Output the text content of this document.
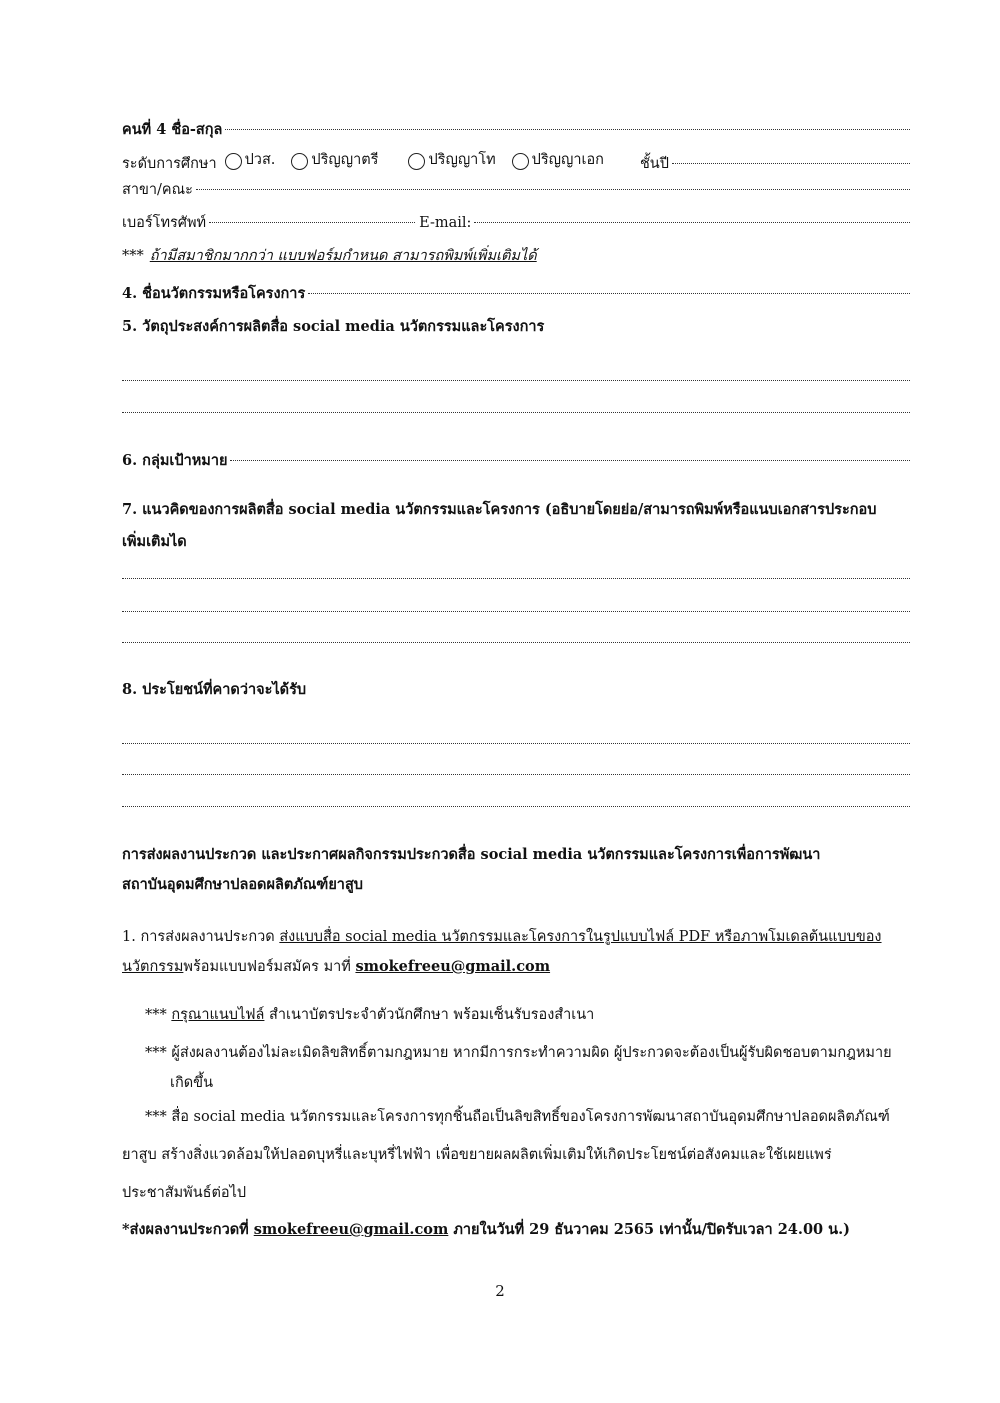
คนที่ 4 ชื่อ-สกุล
ระดับการศึกษา ปวส. ปริญญาตรี	ปริญญาโท ปริญญาเอก ชั้นปี
สาขา/คณะ
เบอร์โทรศัพท์	E-mail:
*** ถ้ามีสมาชิกมากกว่า แบบฟอร์มกำหนด สามารถพิมพ์เพิ่มเติมได้
4. ชื่อนวัตกรรมหรือโครงการ
5. วัตถุประสงค์การผลิตสื่อ social media นวัตกรรมและโครงการ
6. กลุ่มเป้าหมาย
7. แนวคิดของการผลิตสื่อ social media นวัตกรรมและโครงการ (อธิบายโดยย่อ/สามารถพิมพ์หรือแนบเอกสารประกอบ
เพิ่มเติมได
8. ประโยชน์ที่คาดว่าจะได้รับ
การส่งผลงานประกวด และประกาศผลกิจกรรมประกวดสื่อ social media นวัตกรรมและโครงการเพื่อการพัฒนา
สถาบันอุดมศึกษาปลอดผลิตภัณฑ์ยาสูบ
1. การส่งผลงานประกวด ส่งแบบสื่อ social media นวัตกรรมและโครงการในรูปแบบไฟล์ PDF หรือภาพโมเดลต้นแบบของ
นวัตกรรมพร้อมแบบฟอร์มสมัคร มาที่ smokefreeu@gmail.com
*** กรุณาแนบไฟล์ สำเนาบัตรประจำตัวนักศึกษา พร้อมเซ็นรับรองสำเนา
*** ผู้ส่งผลงานต้องไม่ละเมิดลิขสิทธิ์ตามกฎหมาย หากมีการกระทำความผิด ผู้ประกวดจะต้องเป็นผู้รับผิดชอบตามกฎหมาย
เกิดขึ้น
*** สื่อ social media นวัตกรรมและโครงการทุกชิ้นถือเป็นลิขสิทธิ์ของโครงการพัฒนาสถาบันอุดมศึกษาปลอดผลิตภัณฑ์
ยาสูบ สร้างสิ่งแวดล้อมให้ปลอดบุหรี่และบุหรี่ไฟฟ้า เพื่อขยายผลผลิตเพิ่มเติมให้เกิดประโยชน์ต่อสังคมและใช้เผยแพร่
ประชาสัมพันธ์ต่อไป
*ส่งผลงานประกวดที่ smokefreeu@gmail.com ภายในวันที่ 29 ธันวาคม 2565 เท่านั้น/ปิดรับเวลา 24.00 น.)
2
